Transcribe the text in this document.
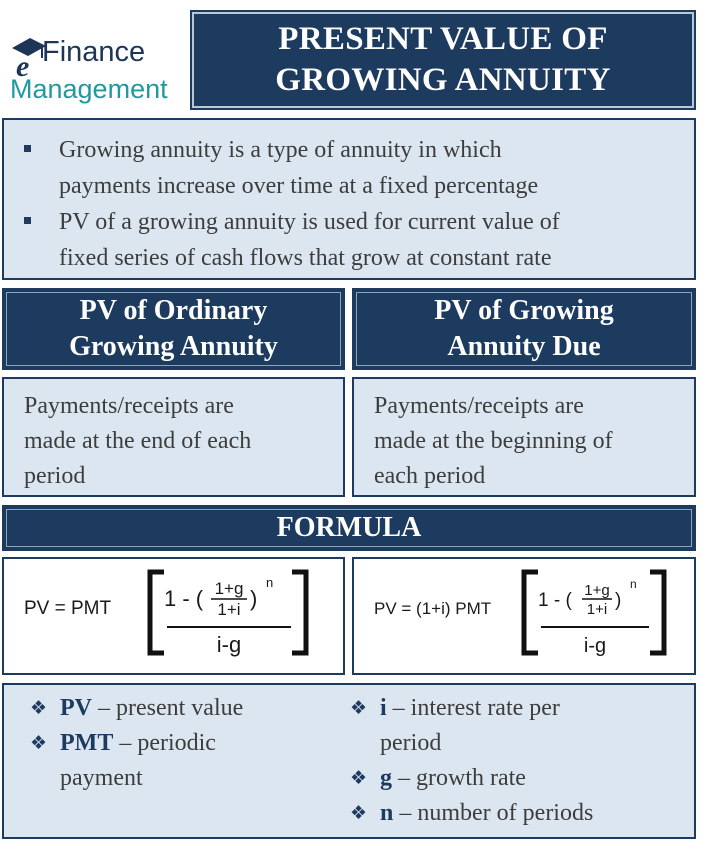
e Finance
Management
PRESENT VALUE OF
GROWING ANNUITY
Growing annuity is a type of annuity in which
payments increase over time at a fixed percentage
PV of a growing annuity is used for current value of
fixed series of cash flows that grow at constant rate
PV of Ordinary
Growing Annuity
PV of Growing
Annuity Due
Payments/receipts are
made at the end of each
period
Payments/receipts are
made at the beginning of
each period
FORMULA
PV = PMT 1 - ( 1+g
1+i )
n
i-g
PV = (1+i) PMT 1 - ( 1+g
1+i )
n
i-g
❖ PV – present value
❖ PMT – periodic
payment
❖ i – interest rate per
period
❖ g – growth rate
❖ n – number of periods
